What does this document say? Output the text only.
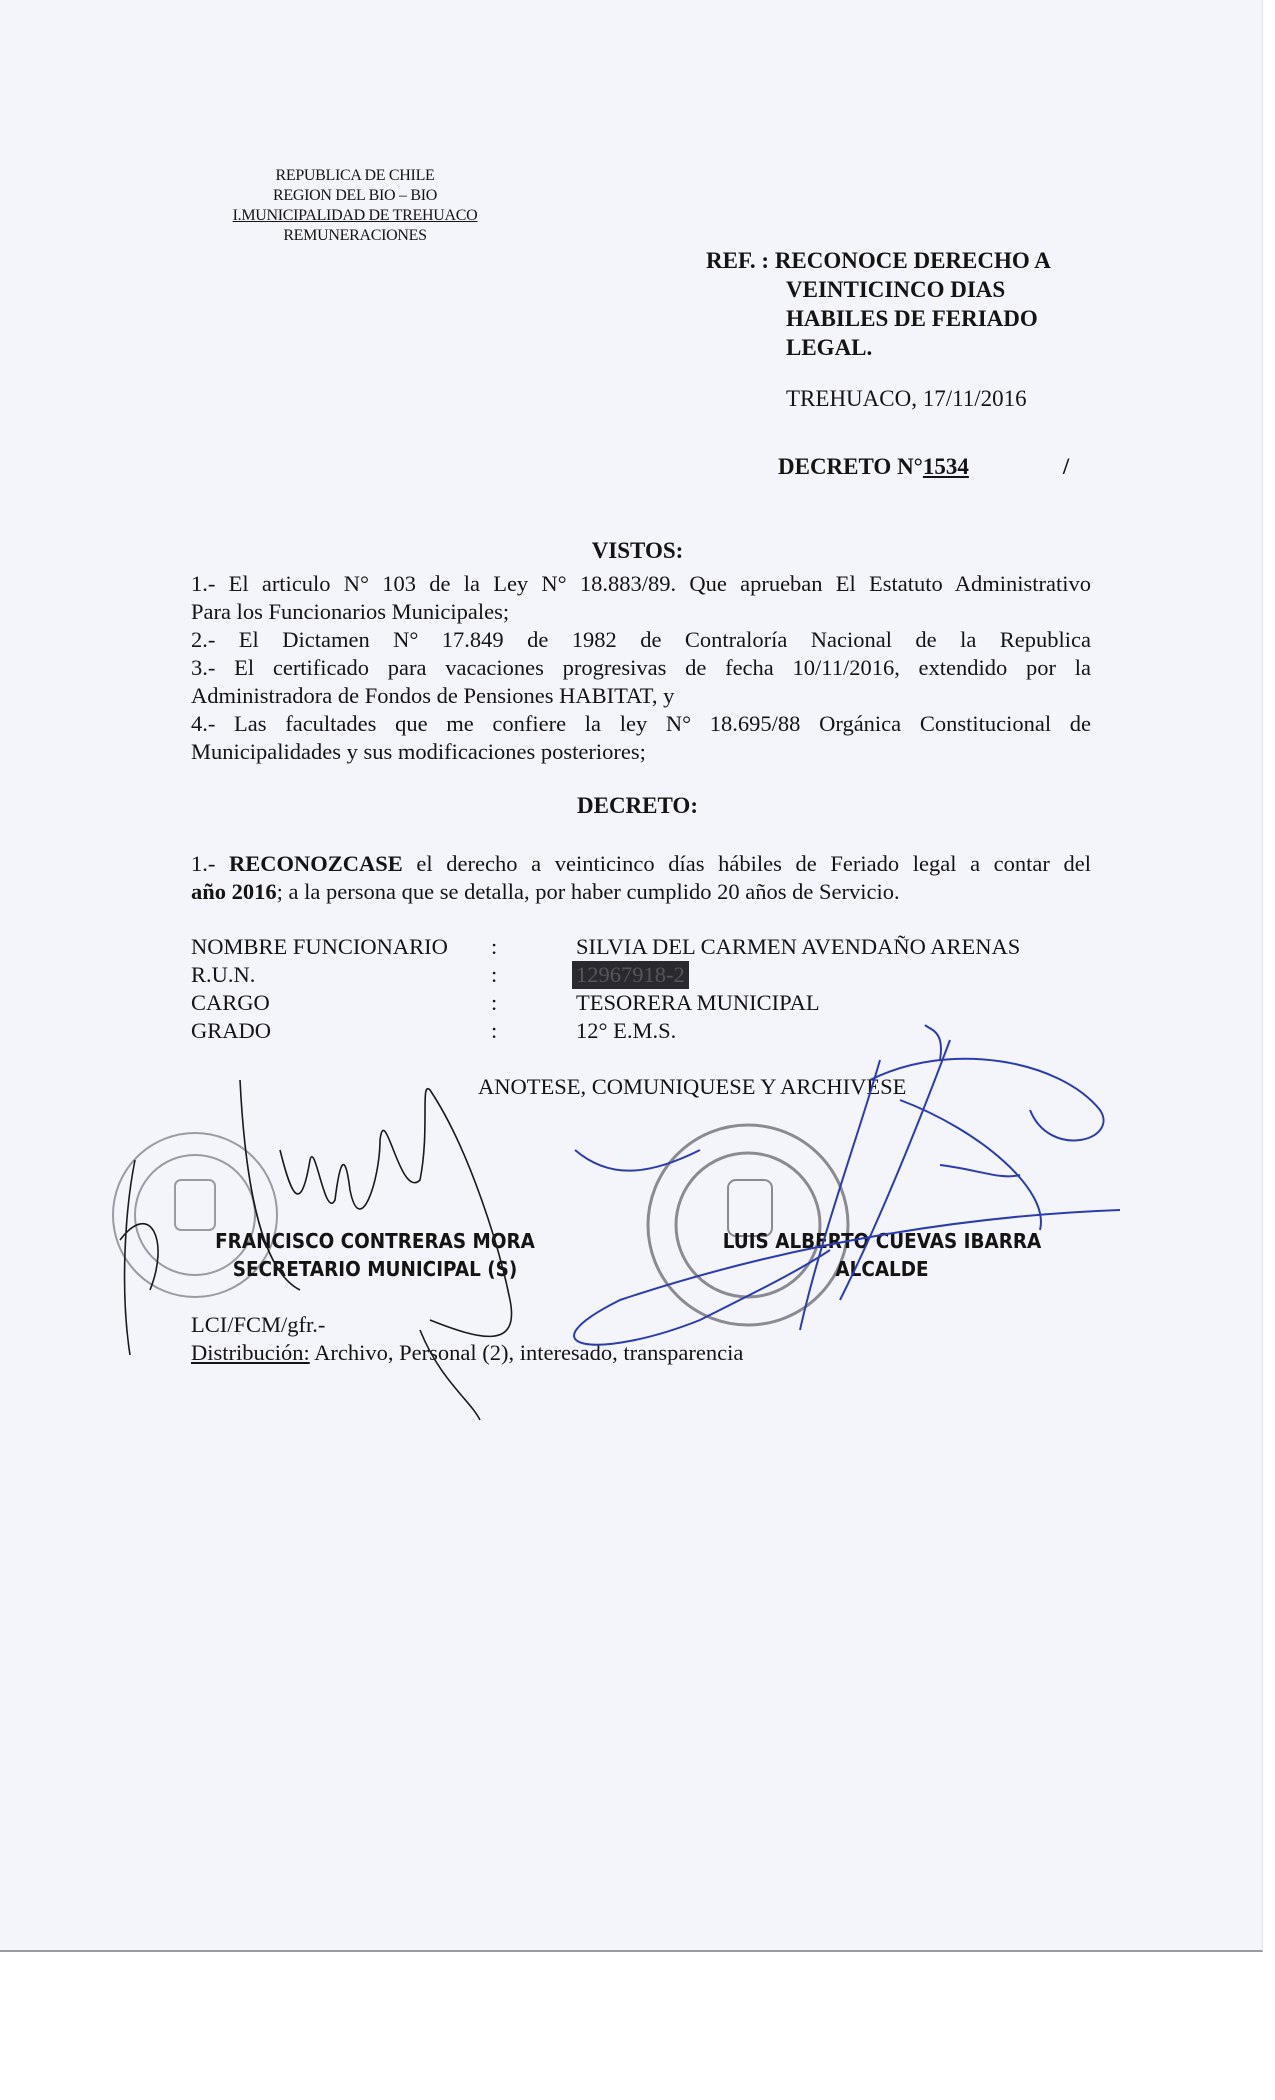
REPUBLICA DE CHILE
REGION DEL BIO – BIO
I.MUNICIPALIDAD DE TREHUACO
REMUNERACIONES
REF. : RECONOCE DERECHO A
VEINTICINCO DIAS
HABILES DE FERIADO
LEGAL.
TREHUACO, 17/11/2016
DECRETO N°1534	/
VISTOS:
1.- El articulo N° 103 de la Ley N° 18.883/89. Que aprueban El Estatuto Administrativo
Para los Funcionarios Municipales;
2.- El Dictamen N° 17.849 de 1982 de Contraloría Nacional de la Republica
3.- El certificado para vacaciones progresivas de fecha 10/11/2016, extendido por la
Administradora de Fondos de Pensiones HABITAT, y
4.- Las facultades que me confiere la ley N° 18.695/88 Orgánica Constitucional de
Municipalidades y sus modificaciones posteriores;
DECRETO:
1.- RECONOZCASE el derecho a veinticinco días hábiles de Feriado legal a contar del
año 2016; a la persona que se detalla, por haber cumplido 20 años de Servicio.
NOMBRE FUNCIONARIO :	SILVIA DEL CARMEN AVENDAÑO ARENAS
R.U.N.	:	12967918-2
CARGO	:	TESORERA MUNICIPAL
GRADO	:	12° E.M.S.
ANOTESE, COMUNIQUESE Y ARCHIVESE
FRANCISCO CONTRERAS MORA
SECRETARIO MUNICIPAL (S)
LUIS ALBERTO CUEVAS IBARRA
ALCALDE
LCI/FCM/gfr.-
Distribución: Archivo, Personal (2), interesado, transparencia
